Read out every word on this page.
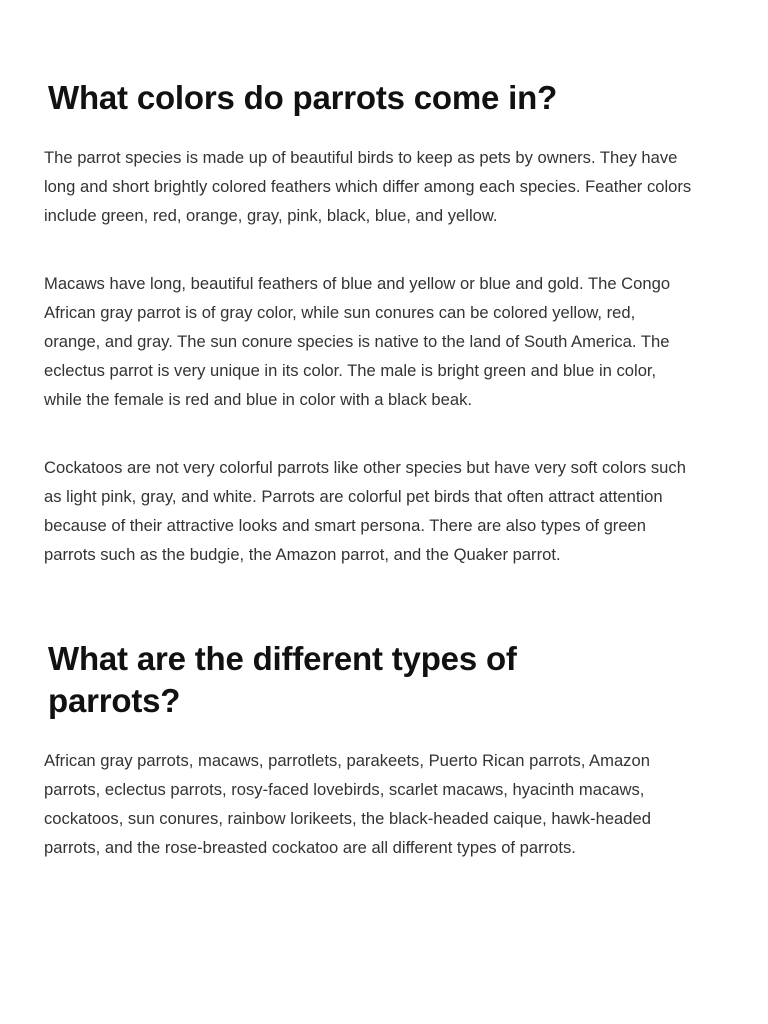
What colors do parrots come in?

The parrot species is made up of beautiful birds to keep as pets by owners. They have long and short brightly colored feathers which differ among each species. Feather colors include green, red, orange, gray, pink, black, blue, and yellow.

Macaws have long, beautiful feathers of blue and yellow or blue and gold. The Congo African gray parrot is of gray color, while sun conures can be colored yellow, red, orange, and gray. The sun conure species is native to the land of South America. The eclectus parrot is very unique in its color. The male is bright green and blue in color, while the female is red and blue in color with a black beak.

Cockatoos are not very colorful parrots like other species but have very soft colors such as light pink, gray, and white. Parrots are colorful pet birds that often attract attention because of their attractive looks and smart persona. There are also types of green parrots such as the budgie, the Amazon parrot, and the Quaker parrot.

What are the different types of parrots?

African gray parrots, macaws, parrotlets, parakeets, Puerto Rican parrots, Amazon parrots, eclectus parrots, rosy-faced lovebirds, scarlet macaws, hyacinth macaws, cockatoos, sun conures, rainbow lorikeets, the black-headed caique, hawk-headed parrots, and the rose-breasted cockatoo are all different types of parrots.
